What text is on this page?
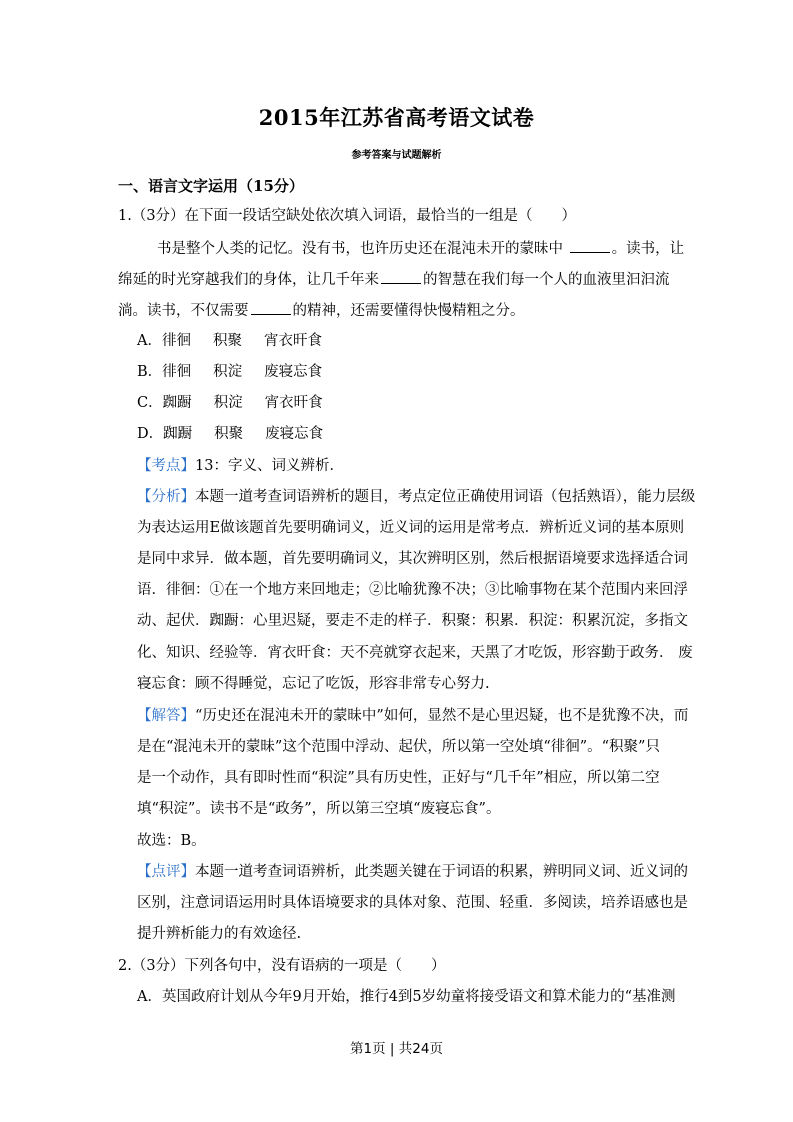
2015年江苏省高考语文试卷
参考答案与试题解析
一、语言文字运用（15分）
1.（3分）在下面一段话空缺处依次填入词语，最恰当的一组是（　　）
书是整个人类的记忆。没有书，也许历史还在混沌未开的蒙昧中	。读书，让
绵延的时光穿越我们的身体，让几千年来	的智慧在我们每一个人的血液里汩汩流
淌。读书，不仅需要	的精神，还需要懂得快慢精粗之分。
A．徘徊 积聚 宵衣旰食
B．徘徊 积淀 废寝忘食
C．踟蹰 积淀 宵衣旰食
D．踟蹰 积聚 废寝忘食
【考点】13：字义、词义辨析．
【分析】本题一道考查词语辨析的题目，考点定位正确使用词语（包括熟语），能力层级
为表达运用E做该题首先要明确词义，近义词的运用是常考点．辨析近义词的基本原则
是同中求异．做本题，首先要明确词义，其次辨明区别，然后根据语境要求选择适合词
语．徘徊：①在一个地方来回地走；②比喻犹豫不决；③比喻事物在某个范围内来回浮
动、起伏．踟蹰：心里迟疑，要走不走的样子．积聚：积累．积淀：积累沉淀，多指文
化、知识、经验等．宵衣旰食：天不亮就穿衣起来，天黑了才吃饭，形容勤于政务． 废
寝忘食：顾不得睡觉，忘记了吃饭，形容非常专心努力.
【解答】“历史还在混沌未开的蒙昧中”如何，显然不是心里迟疑，也不是犹豫不决，而
是在“混沌未开的蒙昧”这个范围中浮动、起伏，所以第一空处填“徘徊”。“积聚”只
是一个动作，具有即时性而“积淀”具有历史性，正好与“几千年”相应，所以第二空
填“积淀”。读书不是“政务”，所以第三空填“废寝忘食”。
故选：B。
【点评】本题一道考查词语辨析，此类题关键在于词语的积累，辨明同义词、近义词的
区别，注意词语运用时具体语境要求的具体对象、范围、轻重．多阅读，培养语感也是
提升辨析能力的有效途径.
2.（3分）下列各句中，没有语病的一项是（　　）
A．英国政府计划从今年9月开始，推行4到5岁幼童将接受语文和算术能力的“基准测
第1页 | 共24页
